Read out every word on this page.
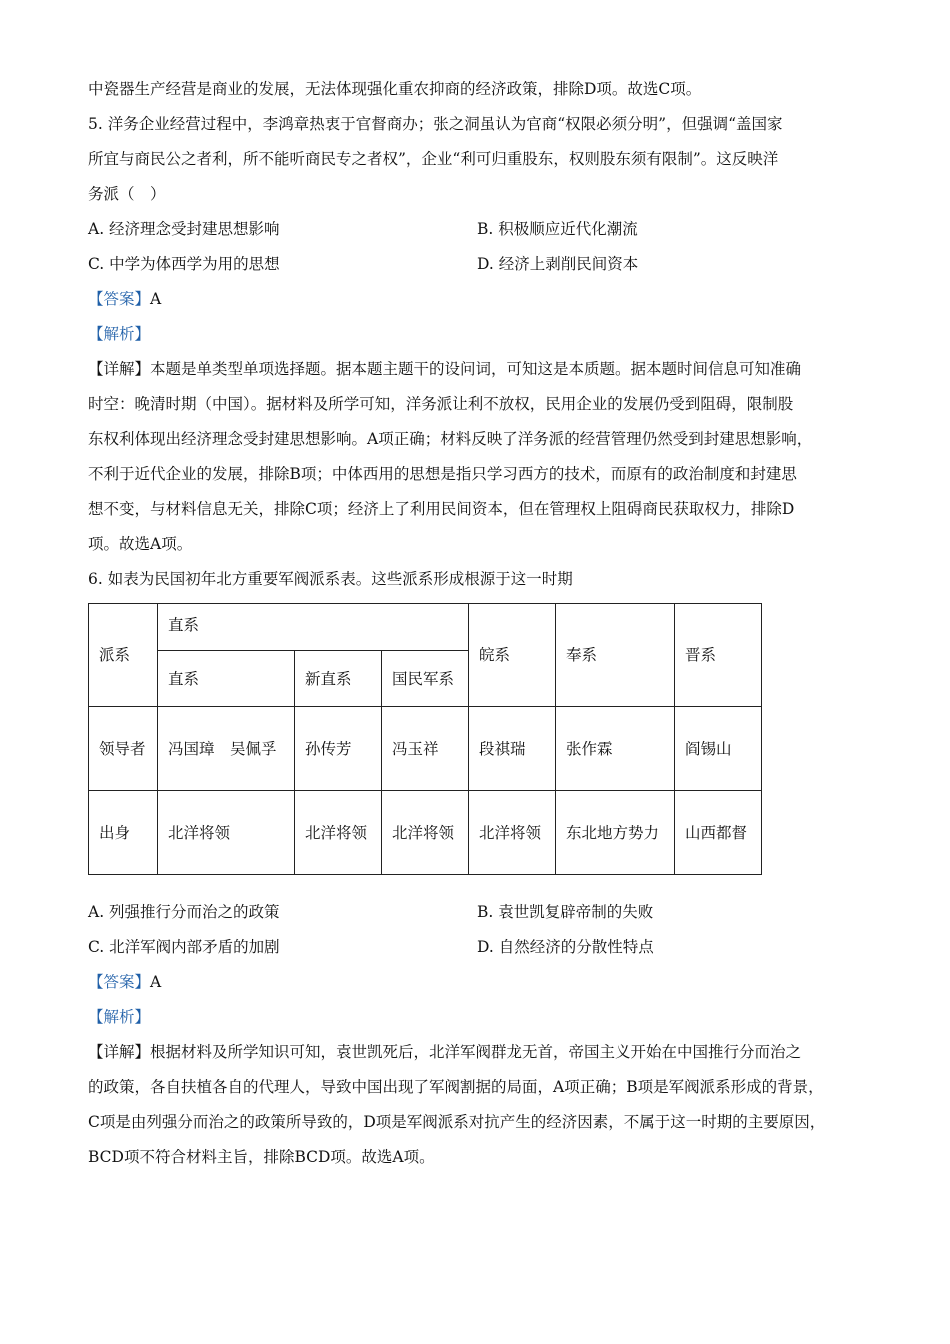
中瓷器生产经营是商业的发展，无法体现强化重农抑商的经济政策，排除D项。故选C项。

5. 洋务企业经营过程中，李鸿章热衷于官督商办；张之洞虽认为官商“权限必须分明”，但强调“盖国家

所宜与商民公之者利，所不能听商民专之者权”，企业“利可归重股东，权则股东须有限制”。这反映洋

务派（　）

A. 经济理念受封建思想影响	B. 积极顺应近代化潮流
C. 中学为体西学为用的思想	D. 经济上剥削民间资本

【答案】A

【解析】

【详解】本题是单类型单项选择题。据本题主题干的设问词，可知这是本质题。据本题时间信息可知准确

时空：晚清时期（中国）。据材料及所学可知，洋务派让利不放权，民用企业的发展仍受到阻碍，限制股

东权利体现出经济理念受封建思想影响。A项正确；材料反映了洋务派的经营管理仍然受到封建思想影响，

不利于近代企业的发展，排除B项；中体西用的思想是指只学习西方的技术，而原有的政治制度和封建思

想不变，与材料信息无关，排除C项；经济上了利用民间资本，但在管理权上阻碍商民获取权力，排除D

项。故选A项。

6. 如表为民国初年北方重要军阀派系表。这些派系形成根源于这一时期

派系	直系			皖系	奉系	晋系
	直系	新直系	国民军系			
领导者	冯国璋　吴佩孚	孙传芳	冯玉祥	段祺瑞	张作霖	阎锡山
出身	北洋将领	北洋将领	北洋将领	北洋将领	东北地方势力	山西都督
A. 列强推行分而治之的政策	B. 袁世凯复辟帝制的失败
C. 北洋军阀内部矛盾的加剧	D. 自然经济的分散性特点

【答案】A

【解析】

【详解】根据材料及所学知识可知，袁世凯死后，北洋军阀群龙无首，帝国主义开始在中国推行分而治之

的政策，各自扶植各自的代理人，导致中国出现了军阀割据的局面，A项正确；B项是军阀派系形成的背景，

C项是由列强分而治之的政策所导致的，D项是军阀派系对抗产生的经济因素，不属于这一时期的主要原因，

BCD项不符合材料主旨，排除BCD项。故选A项。
